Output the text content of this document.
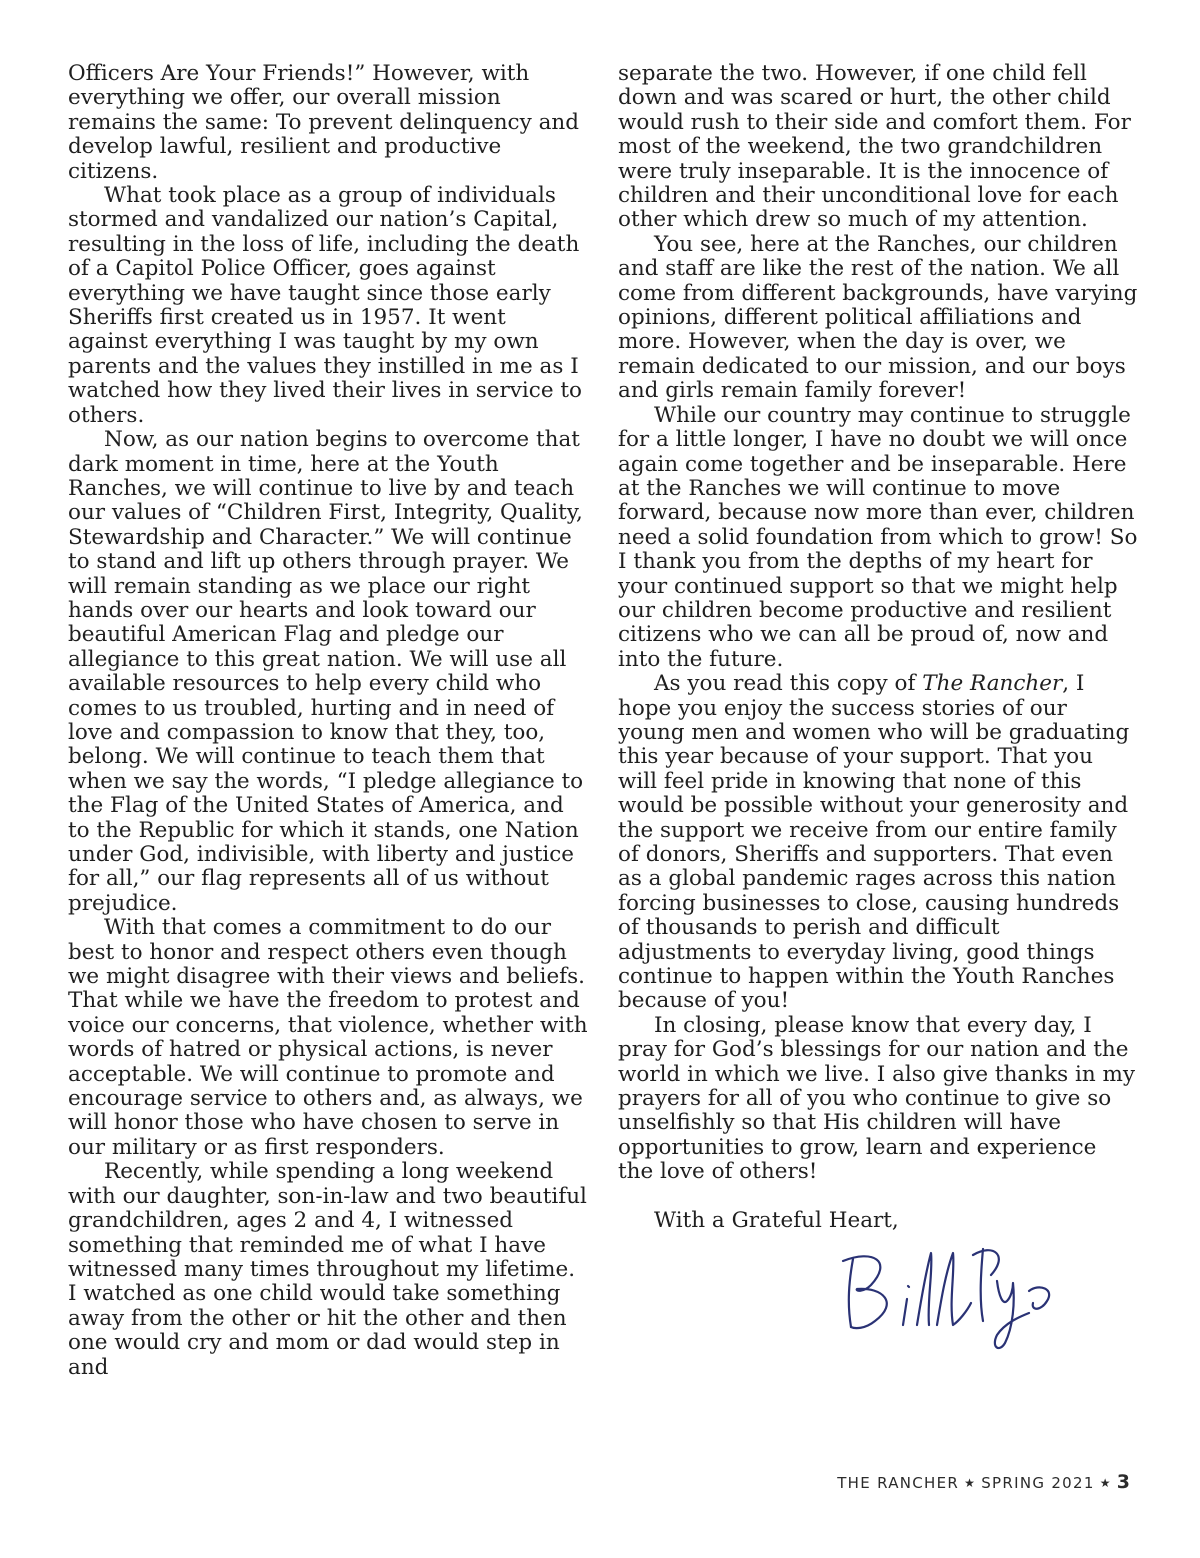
Officers Are Your Friends!” However, with everything we offer, our overall mission remains the same: To prevent delinquency and develop lawful, resilient and productive citizens.

What took place as a group of individuals stormed and vandalized our nation’s Capital, resulting in the loss of life, including the death of a Capitol Police Officer, goes against everything we have taught since those early Sheriffs first created us in 1957. It went against everything I was taught by my own parents and the values they instilled in me as I watched how they lived their lives in service to others.

Now, as our nation begins to overcome that dark moment in time, here at the Youth Ranches, we will continue to live by and teach our values of “Children First, Integrity, Quality, Stewardship and Character.” We will continue to stand and lift up others through prayer. We will remain standing as we place our right hands over our hearts and look toward our beautiful American Flag and pledge our allegiance to this great nation. We will use all available resources to help every child who comes to us troubled, hurting and in need of love and compassion to know that they, too, belong. We will continue to teach them that when we say the words, “I pledge allegiance to the Flag of the United States of America, and to the Republic for which it stands, one Nation under God, indivisible, with liberty and justice for all,” our flag represents all of us without prejudice.

With that comes a commitment to do our best to honor and respect others even though we might disagree with their views and beliefs. That while we have the freedom to protest and voice our concerns, that violence, whether with words of hatred or physical actions, is never acceptable. We will continue to promote and encourage service to others and, as always, we will honor those who have chosen to serve in our military or as first responders.

Recently, while spending a long weekend with our daughter, son-in-law and two beautiful grandchildren, ages 2 and 4, I witnessed something that reminded me of what I have witnessed many times throughout my lifetime. I watched as one child would take something away from the other or hit the other and then one would cry and mom or dad would step in and

separate the two. However, if one child fell down and was scared or hurt, the other child would rush to their side and comfort them. For most of the weekend, the two grandchildren were truly inseparable. It is the innocence of children and their unconditional love for each other which drew so much of my attention.

You see, here at the Ranches, our children and staff are like the rest of the nation. We all come from different backgrounds, have varying opinions, different political affiliations and more. However, when the day is over, we remain dedicated to our mission, and our boys and girls remain family forever!

While our country may continue to struggle for a little longer, I have no doubt we will once again come together and be inseparable. Here at the Ranches we will continue to move forward, because now more than ever, children need a solid foundation from which to grow! So I thank you from the depths of my heart for your continued support so that we might help our children become productive and resilient citizens who we can all be proud of, now and into the future.

As you read this copy of The Rancher, I hope you enjoy the success stories of our young men and women who will be graduating this year because of your support. That you will feel pride in knowing that none of this would be possible without your generosity and the support we receive from our entire family of donors, Sheriffs and supporters. That even as a global pandemic rages across this nation forcing businesses to close, causing hundreds of thousands to perish and difficult adjustments to everyday living, good things continue to happen within the Youth Ranches because of you!

In closing, please know that every day, I pray for God’s blessings for our nation and the world in which we live. I also give thanks in my prayers for all of you who continue to give so unselfishly so that His children will have opportunities to grow, learn and experience the love of others!

With a Grateful Heart,

THE RANCHER ★ SPRING 2021 ★ 3
